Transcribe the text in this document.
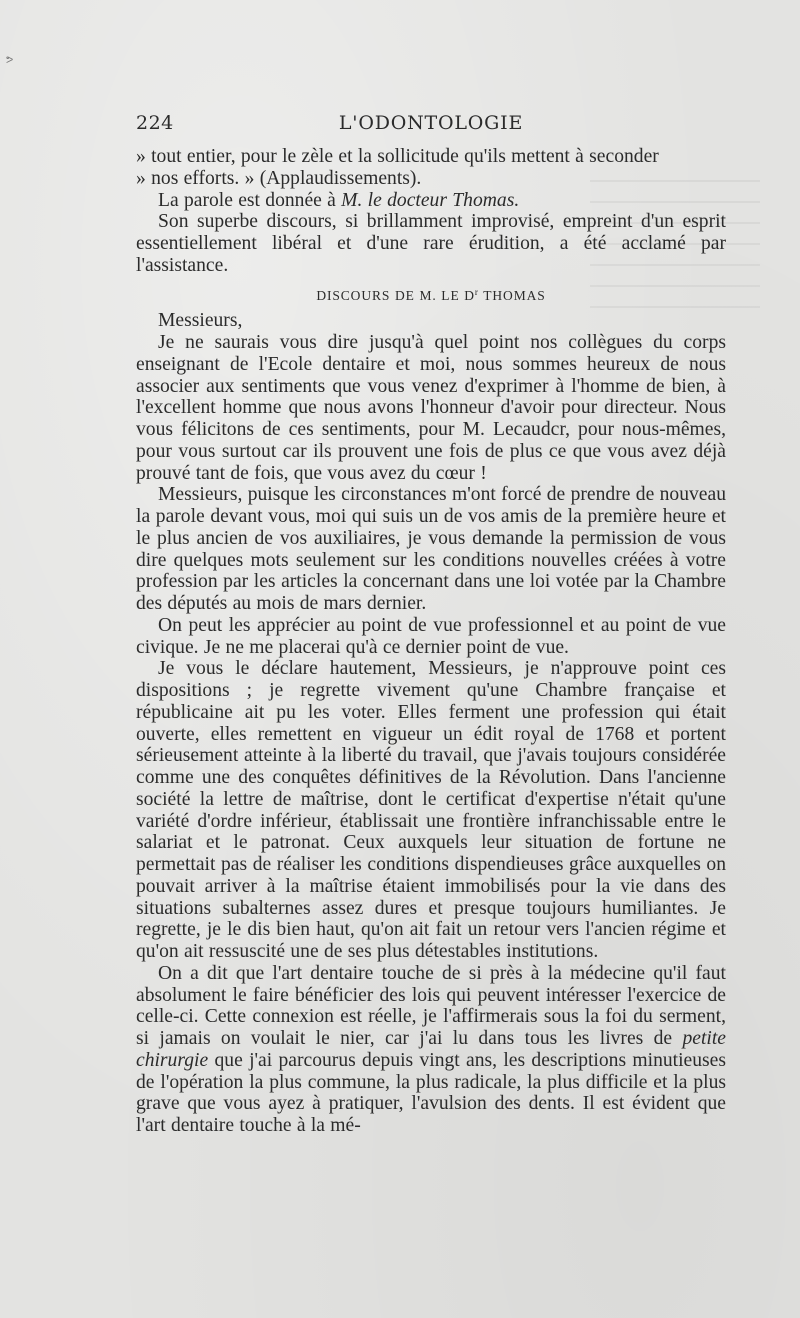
ᕗ
224	L'ODONTOLOGIE

» tout entier, pour le zèle et la sollicitude qu'ils mettent à seconder

» nos efforts. » (Applaudissements).

La parole est donnée à M. le docteur Thomas.

Son superbe discours, si brillamment improvisé, empreint d'un esprit essentiellement libéral et d'une rare érudition, a été acclamé par l'assistance.

DISCOURS DE M. LE $D^r$ THOMAS

Messieurs,

Je ne saurais vous dire jusqu'à quel point nos collègues du corps enseignant de l'Ecole dentaire et moi, nous sommes heureux de nous associer aux sentiments que vous venez d'exprimer à l'homme de bien, à l'excellent homme que nous avons l'honneur d'avoir pour directeur. Nous vous félicitons de ces sentiments, pour M. Lecaudcr, pour nous-mêmes, pour vous surtout car ils prouvent une fois de plus ce que vous avez déjà prouvé tant de fois, que vous avez du cœur !

Messieurs, puisque les circonstances m'ont forcé de prendre de nouveau la parole devant vous, moi qui suis un de vos amis de la première heure et le plus ancien de vos auxiliaires, je vous demande la permission de vous dire quelques mots seulement sur les conditions nouvelles créées à votre profession par les articles la concernant dans une loi votée par la Chambre des députés au mois de mars dernier.

On peut les apprécier au point de vue professionnel et au point de vue civique. Je ne me placerai qu'à ce dernier point de vue.

Je vous le déclare hautement, Messieurs, je n'approuve point ces dispositions ; je regrette vivement qu'une Chambre française et républicaine ait pu les voter. Elles ferment une profession qui était ouverte, elles remettent en vigueur un édit royal de 1768 et portent sérieusement atteinte à la liberté du travail, que j'avais toujours considérée comme une des conquêtes définitives de la Révolution. Dans l'ancienne société la lettre de maîtrise, dont le certificat d'expertise n'était qu'une variété d'ordre inférieur, établissait une frontière infranchissable entre le salariat et le patronat. Ceux auxquels leur situation de fortune ne permettait pas de réaliser les conditions dispendieuses grâce auxquelles on pouvait arriver à la maîtrise étaient immobilisés pour la vie dans des situations subalternes assez dures et presque toujours humiliantes. Je regrette, je le dis bien haut, qu'on ait fait un retour vers l'ancien régime et qu'on ait ressuscité une de ses plus détestables institutions.

On a dit que l'art dentaire touche de si près à la médecine qu'il faut absolument le faire bénéficier des lois qui peuvent intéresser l'exercice de celle-ci. Cette connexion est réelle, je l'affirmerais sous la foi du serment, si jamais on voulait le nier, car j'ai lu dans tous les livres de petite chirurgie que j'ai parcourus depuis vingt ans, les descriptions minutieuses de l'opération la plus commune, la plus radicale, la plus difficile et la plus grave que vous ayez à pratiquer, l'avulsion des dents. Il est évident que l'art dentaire touche à la mé-
